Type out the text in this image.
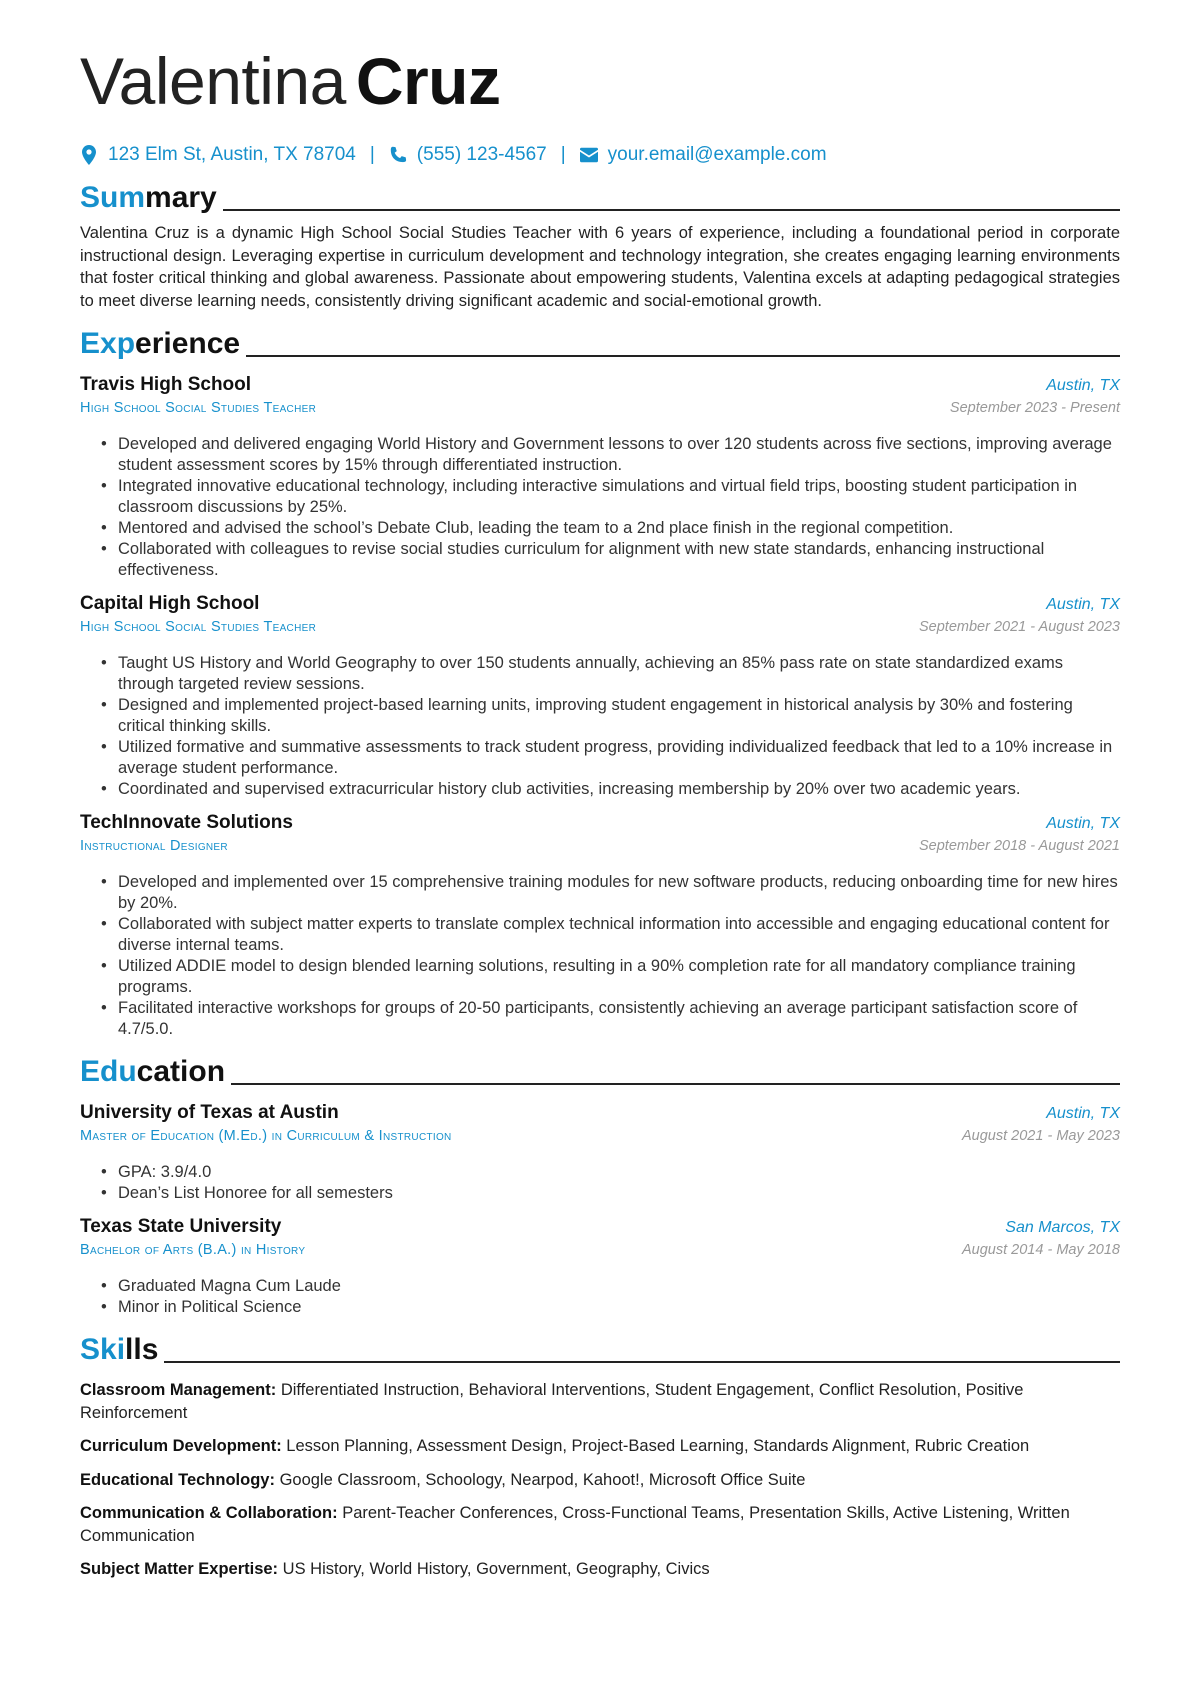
Valentina Cruz
123 Elm St, Austin, TX 78704 | (555) 123-4567 | your.email@example.com
Summary
Valentina Cruz is a dynamic High School Social Studies Teacher with 6 years of experience, including a foundational period in corporate instructional design. Leveraging expertise in curriculum development and technology integration, she creates engaging learning environments that foster critical thinking and global awareness. Passionate about empowering students, Valentina excels at adapting pedagogical strategies to meet diverse learning needs, consistently driving significant academic and social-emotional growth.
Experience
Travis High School	Austin, TX
High School Social Studies Teacher	September 2023 - Present
• Developed and delivered engaging World History and Government lessons to over 120 students across five sections, improving average student assessment scores by 15% through differentiated instruction.
• Integrated innovative educational technology, including interactive simulations and virtual field trips, boosting student participation in classroom discussions by 25%.
• Mentored and advised the school’s Debate Club, leading the team to a 2nd place finish in the regional competition.
• Collaborated with colleagues to revise social studies curriculum for alignment with new state standards, enhancing instructional effectiveness.
Capital High School	Austin, TX
High School Social Studies Teacher	September 2021 - August 2023
• Taught US History and World Geography to over 150 students annually, achieving an 85% pass rate on state standardized exams through targeted review sessions.
• Designed and implemented project-based learning units, improving student engagement in historical analysis by 30% and fostering critical thinking skills.
• Utilized formative and summative assessments to track student progress, providing individualized feedback that led to a 10% increase in average student performance.
• Coordinated and supervised extracurricular history club activities, increasing membership by 20% over two academic years.
TechInnovate Solutions	Austin, TX
Instructional Designer	September 2018 - August 2021
• Developed and implemented over 15 comprehensive training modules for new software products, reducing onboarding time for new hires by 20%.
• Collaborated with subject matter experts to translate complex technical information into accessible and engaging educational content for diverse internal teams.
• Utilized ADDIE model to design blended learning solutions, resulting in a 90% completion rate for all mandatory compliance training programs.
• Facilitated interactive workshops for groups of 20-50 participants, consistently achieving an average participant satisfaction score of 4.7/5.0.
Education
University of Texas at Austin	Austin, TX
Master of Education (M.Ed.) in Curriculum & Instruction	August 2021 - May 2023
• GPA: 3.9/4.0
• Dean’s List Honoree for all semesters
Texas State University	San Marcos, TX
Bachelor of Arts (B.A.) in History	August 2014 - May 2018
• Graduated Magna Cum Laude
• Minor in Political Science
Skills
Classroom Management: Differentiated Instruction, Behavioral Interventions, Student Engagement, Conflict Resolution, Positive Reinforcement
Curriculum Development: Lesson Planning, Assessment Design, Project-Based Learning, Standards Alignment, Rubric Creation
Educational Technology: Google Classroom, Schoology, Nearpod, Kahoot!, Microsoft Office Suite
Communication & Collaboration: Parent-Teacher Conferences, Cross-Functional Teams, Presentation Skills, Active Listening, Written Communication
Subject Matter Expertise: US History, World History, Government, Geography, Civics
